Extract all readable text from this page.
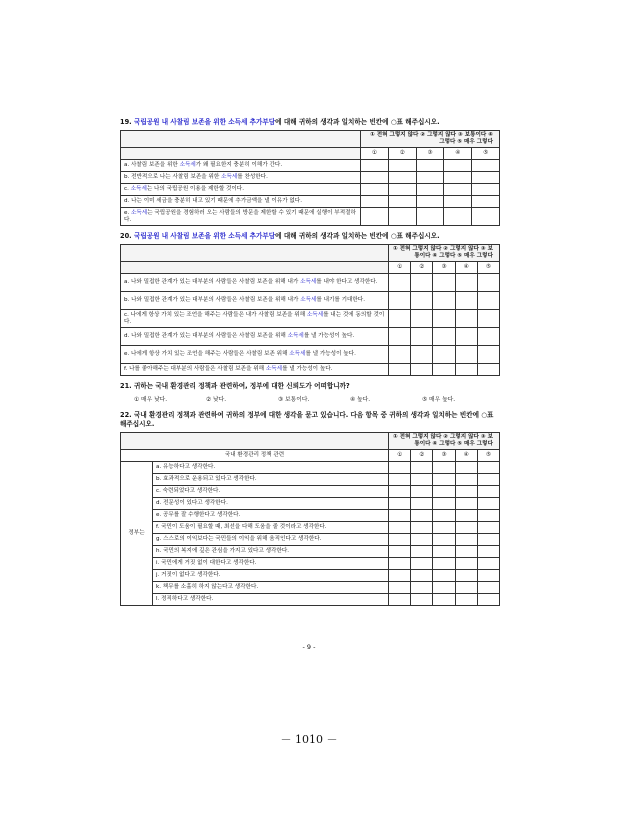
19. 국립공원 내 사찰림 보존을 위한 소득세 추가부담에 대해 귀하의 생각과 일치하는 빈칸에 ○표 해주십시오.
	① 전혀 그렇지 않다 ② 그렇지 않다 ③ 보통이다 ④ 그렇다 ⑤ 매우 그렇다				
	①	②	③	④	⑤
a. 사찰림 보존을 위한 소득세가 왜 필요한지 충분히 이해가 간다.					
b. 전반적으로 나는 사찰림 보존을 위한 소득세를 찬성한다.					
c. 소득세는 나의 국립공원 이용을 제한할 것이다.					
d. 나는 이미 세금을 충분히 내고 있기 때문에 추가금액을 낼 이유가 없다.					
e. 소득세는 국립공원을 경험하러 오는 사람들의 방문을 제한할 수 있기 때문에 실행이 부적절하다.					
20. 국립공원 내 사찰림 보존을 위한 소득세 추가부담에 대해 귀하의 생각과 일치하는 빈칸에 ○표 해주십시오.
	① 전혀 그렇지 않다 ② 그렇지 않다 ③ 보통이다 ④ 그렇다 ⑤ 매우 그렇다				
	①	②	③	④	⑤
a. 나와 밀접한 관계가 있는 대부분의 사람들은 사찰림 보존을 위해 내가 소득세를 내야 한다고 생각한다.					
b. 나와 밀접한 관계가 있는 대부분의 사람들은 사찰림 보존을 위해 내가 소득세를 내기를 기대한다.					
c. 나에게 항상 가치 있는 조언을 해주는 사람들은 내가 사찰림 보존을 위해 소득세를 내는 것에 동의할 것이다.					
d. 나와 밀접한 관계가 있는 대부분의 사람들은 사찰림 보존을 위해 소득세를 낼 가능성이 높다.					
e. 나에게 항상 가치 있는 조언을 해주는 사람들은 사찰림 보존 위해 소득세를 낼 가능성이 높다.					
f. 나를 좋아해주는 대부분의 사람들은 사찰림 보존을 위해 소득세를 낼 가능성이 높다.					
21. 귀하는 국내 환경관리 정책과 관련하여, 정부에 대한 신뢰도가 어떠합니까?
① 매우 낮다.	② 낮다.	③ 보통이다.	④ 높다.	⑤ 매우 높다.
22. 국내 환경관리 정책과 관련하여 귀하의 정부에 대한 생각을 묻고 있습니다. 다음 항목 중 귀하의 생각과 일치하는 빈칸에 ○표 해주십시오.
		① 전혀 그렇지 않다 ② 그렇지 않다 ③ 보통이다 ④ 그렇다 ⑤ 매우 그렇다				
국내 환경관리 정책 관련		①	②	③	④	⑤
정부는	a. 유능하다고 생각한다.					
	b. 효과적으로 운용되고 있다고 생각한다.					
	c. 숙련되었다고 생각한다.					
	d. 전문성이 있다고 생각한다.					
	e. 공무를 잘 수행한다고 생각한다.					
	f. 국민이 도움이 필요할 때, 최선을 다해 도움을 줄 것이라고 생각한다.					
	g. 스스로의 이익보다는 국민들의 이익을 위해 움직인다고 생각한다.					
	h. 국민의 복지에 깊은 관심을 가지고 있다고 생각한다.					
	i. 국민에게 거짓 없이 대한다고 생각한다.					
	j. 거짓이 없다고 생각한다.					
	k. 책무를 소홀히 하지 않는다고 생각한다.					
	l. 정직하다고 생각한다.					
- 9 -
－ 1010 －
